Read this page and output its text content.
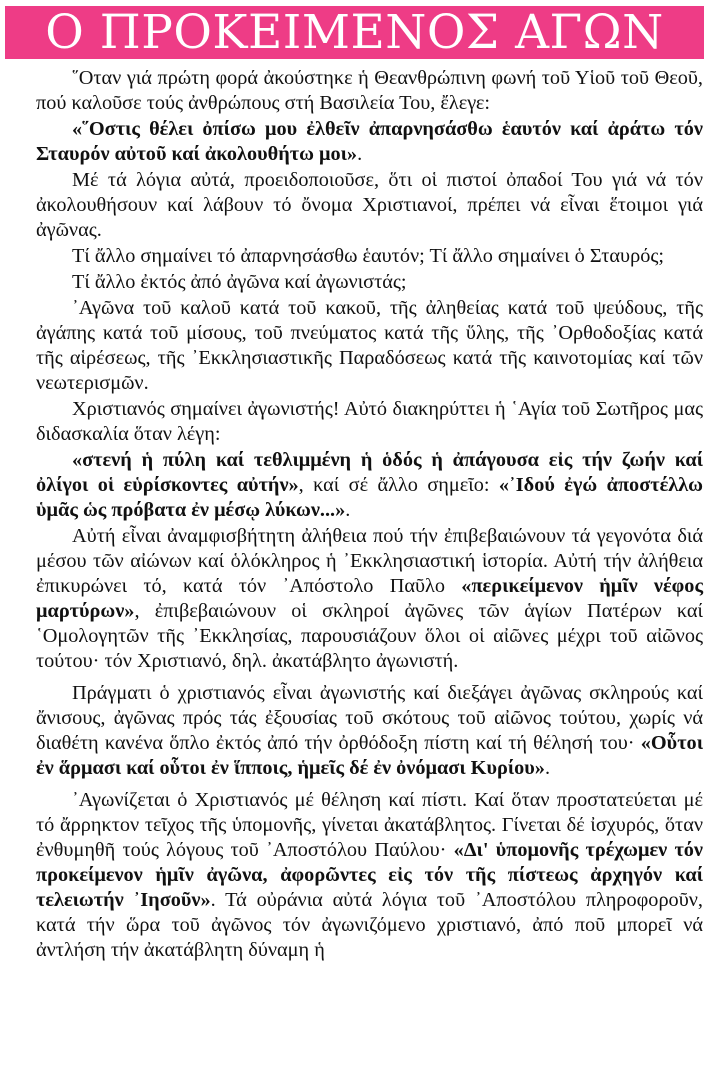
Ο ΠΡΟΚΕΙΜΕΝΟΣ ΑΓΩΝ

῞Οταν γιά πρώτη φορά ἀκούστηκε ἡ Θεανθρώπινη φωνή τοῦ Υἱοῦ τοῦ Θεοῦ, πού καλοῦσε τούς ἀνθρώπους στή Βασιλεία Του, ἔλεγε:

«῞Οστις θέλει ὀπίσω μου ἐλθεῖν ἀπαρνησάσθω ἑαυτόν καί ἀράτω τόν Σταυρόν αὐτοῦ καί ἀκολουθήτω μοι».

Μέ τά λόγια αὐτά, προειδοποιοῦσε, ὅτι οἱ πιστοί ὀπαδοί Του γιά νά τόν ἀκολουθήσουν καί λάβουν τό ὄνομα Χριστιανοί, πρέπει νά εἶναι ἕτοιμοι γιά ἀγῶνας.

Τί ἄλλο σημαίνει τό ἀπαρνησάσθω ἑαυτόν; Τί ἄλλο σημαίνει ὁ Σταυρός;

Τί ἄλλο ἐκτός ἀπό ἀγῶνα καί ἀγωνιστάς;

᾿Αγῶνα τοῦ καλοῦ κατά τοῦ κακοῦ, τῆς ἀληθείας κατά τοῦ ψεύδους, τῆς ἀγάπης κατά τοῦ μίσους, τοῦ πνεύματος κατά τῆς ὕλης, τῆς ᾿Ορθοδοξίας κατά τῆς αἱρέσεως, τῆς ᾿Εκκλησιαστικῆς Παραδόσεως κατά τῆς καινοτομίας καί τῶν νεωτερισμῶν.

Χριστιανός σημαίνει ἀγωνιστής! Αὐτό διακηρύττει ἡ ῾Αγία τοῦ Σωτῆρος μας διδασκαλία ὅταν λέγη:

«στενή ἡ πύλη καί τεθλιμμένη ἡ ὁδός ἡ ἀπάγουσα εἰς τήν ζωήν καί ὀλίγοι οἱ εὑρίσκοντες αὐτήν», καί σέ ἄλλο σημεῖο: «᾿Ιδού ἐγώ ἀποστέλλω ὑμᾶς ὡς πρόβατα ἐν μέσῳ λύκων...».

Αὐτή εἶναι ἀναμφισβήτητη ἀλήθεια πού τήν ἐπιβεβαιώνουν τά γεγονότα διά μέσου τῶν αἰώνων καί ὁλόκληρος ἡ ᾿Εκκλησιαστική ἱστορία. Αὐτή τήν ἀλήθεια ἐπικυρώνει τό, κατά τόν ᾿Απόστολο Παῦλο «περικείμενον ἡμῖν νέφος μαρτύρων», ἐπιβεβαιώνουν οἱ σκληροί ἀγῶνες τῶν ἁγίων Πατέρων καί ῾Ομολογητῶν τῆς ᾿Εκκλησίας, παρουσιάζουν ὅλοι οἱ αἰῶνες μέχρι τοῦ αἰῶνος τούτου· τόν Χριστιανό, δηλ. ἀκατάβλητο ἀγωνιστή.

Πράγματι ὁ χριστιανός εἶναι ἀγωνιστής καί διεξάγει ἀγῶνας σκληρούς καί ἄνισους, ἀγῶνας πρός τάς ἐξουσίας τοῦ σκότους τοῦ αἰῶνος τούτου, χωρίς νά διαθέτη κανένα ὅπλο ἐκτός ἀπό τήν ὀρθόδοξη πίστη καί τή θέλησή του· «Οὗτοι ἐν ἅρμασι καί οὗτοι ἐν ἵπποις, ἡμεῖς δέ ἐν ὀνόμασι Κυρίου».

᾿Αγωνίζεται ὁ Χριστιανός μέ θέληση καί πίστι. Καί ὅταν προστατεύεται μέ τό ἄρρηκτον τεῖχος τῆς ὑπομονῆς, γίνεται ἀκατάβλητος. Γίνεται δέ ἰσχυρός, ὅταν ἐνθυμηθῆ τούς λόγους τοῦ ᾿Αποστόλου Παύλου· «Δι' ὑπομονῆς τρέχωμεν τόν προκείμενον ἡμῖν ἀγῶνα, ἀφορῶντες εἰς τόν τῆς πίστεως ἀρχηγόν καί τελειωτήν ᾿Ιησοῦν». Τά οὐράνια αὐτά λόγια τοῦ ᾿Αποστόλου πληροφοροῦν, κατά τήν ὥρα τοῦ ἀγῶνος τόν ἀγωνιζόμενο χριστιανό, ἀπό ποῦ μπορεῖ νά ἀντλήση τήν ἀκατάβλητη δύναμη ἡ
